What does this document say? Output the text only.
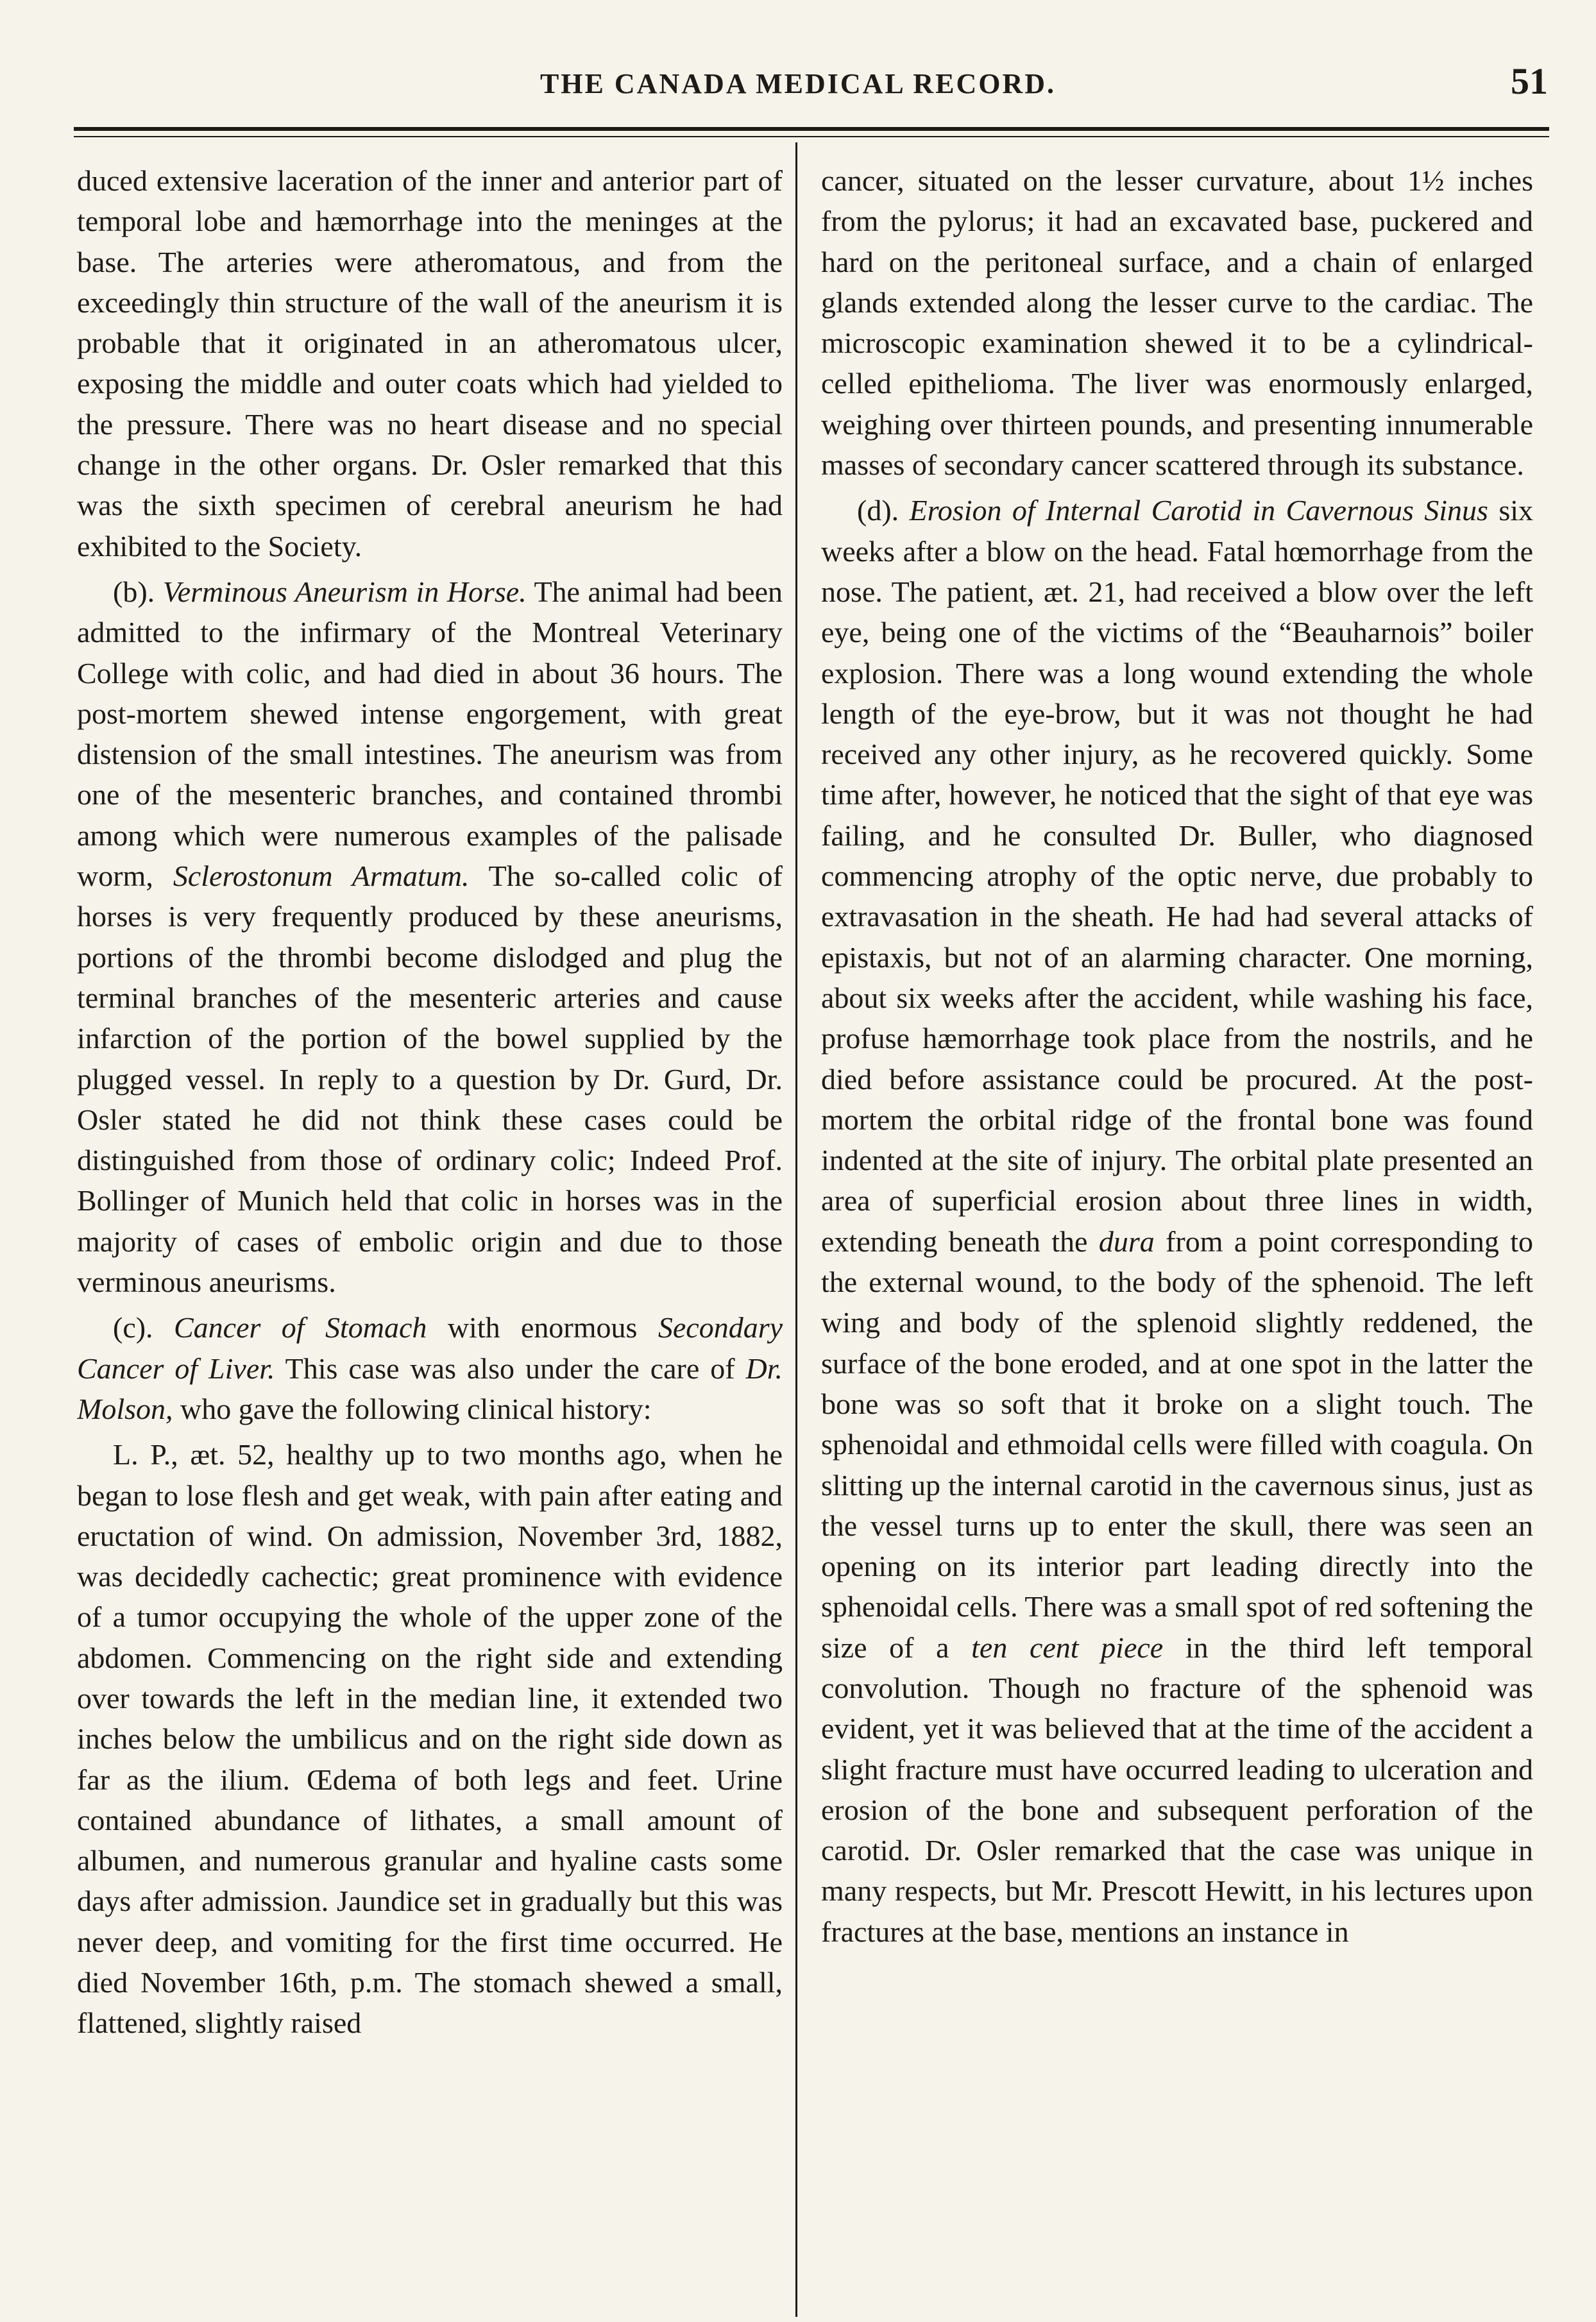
THE CANADA MEDICAL RECORD.	51

duced extensive laceration of the inner and anterior part of temporal lobe and hæmorrhage into the meninges at the base. The arteries were atheromatous, and from the exceedingly thin structure of the wall of the aneurism it is probable that it originated in an atheromatous ulcer, exposing the middle and outer coats which had yielded to the pressure. There was no heart disease and no special change in the other organs. Dr. Osler remarked that this was the sixth specimen of cerebral aneurism he had exhibited to the Society.

(b). Verminous Aneurism in Horse. The animal had been admitted to the infirmary of the Montreal Veterinary College with colic, and had died in about 36 hours. The post-mortem shewed intense engorgement, with great distension of the small intestines. The aneurism was from one of the mesenteric branches, and contained thrombi among which were numerous examples of the palisade worm, Sclerostonum Armatum. The so-called colic of horses is very frequently produced by these aneurisms, portions of the thrombi become dislodged and plug the terminal branches of the mesenteric arteries and cause infarction of the portion of the bowel supplied by the plugged vessel. In reply to a question by Dr. Gurd, Dr. Osler stated he did not think these cases could be distinguished from those of ordinary colic; Indeed Prof. Bollinger of Munich held that colic in horses was in the majority of cases of embolic origin and due to those verminous aneurisms.

(c). Cancer of Stomach with enormous Secondary Cancer of Liver. This case was also under the care of Dr. Molson, who gave the following clinical history:

L. P., æt. 52, healthy up to two months ago, when he began to lose flesh and get weak, with pain after eating and eructation of wind. On admission, November 3rd, 1882, was decidedly cachectic; great prominence with evidence of a tumor occupying the whole of the upper zone of the abdomen. Commencing on the right side and extending over towards the left in the median line, it extended two inches below the umbilicus and on the right side down as far as the ilium. Œdema of both legs and feet. Urine contained abundance of lithates, a small amount of albumen, and numerous granular and hyaline casts some days after admission. Jaundice set in gradually but this was never deep, and vomiting for the first time occurred. He died November 16th, p.m. The stomach shewed a small, flattened, slightly raised

cancer, situated on the lesser curvature, about 1½ inches from the pylorus; it had an excavated base, puckered and hard on the peritoneal surface, and a chain of enlarged glands extended along the lesser curve to the cardiac. The microscopic examination shewed it to be a cylindrical-celled epithelioma. The liver was enormously enlarged, weighing over thirteen pounds, and presenting innumerable masses of secondary cancer scattered through its substance.

(d). Erosion of Internal Carotid in Cavernous Sinus six weeks after a blow on the head. Fatal hœmorrhage from the nose. The patient, æt. 21, had received a blow over the left eye, being one of the victims of the “Beauharnois” boiler explosion. There was a long wound extending the whole length of the eye-brow, but it was not thought he had received any other injury, as he recovered quickly. Some time after, however, he noticed that the sight of that eye was failing, and he consulted Dr. Buller, who diagnosed commencing atrophy of the optic nerve, due probably to extravasation in the sheath. He had had several attacks of epistaxis, but not of an alarming character. One morning, about six weeks after the accident, while washing his face, profuse hæmorrhage took place from the nostrils, and he died before assistance could be procured. At the post-mortem the orbital ridge of the frontal bone was found indented at the site of injury. The orbital plate presented an area of superficial erosion about three lines in width, extending beneath the dura from a point corresponding to the external wound, to the body of the sphenoid. The left wing and body of the splenoid slightly reddened, the surface of the bone eroded, and at one spot in the latter the bone was so soft that it broke on a slight touch. The sphenoidal and ethmoidal cells were filled with coagula. On slitting up the internal carotid in the cavernous sinus, just as the vessel turns up to enter the skull, there was seen an opening on its interior part leading directly into the sphenoidal cells. There was a small spot of red softening the size of a ten cent piece in the third left temporal convolution. Though no fracture of the sphenoid was evident, yet it was believed that at the time of the accident a slight fracture must have occurred leading to ulceration and erosion of the bone and subsequent perforation of the carotid. Dr. Osler remarked that the case was unique in many respects, but Mr. Prescott Hewitt, in his lectures upon fractures at the base, mentions an instance in
